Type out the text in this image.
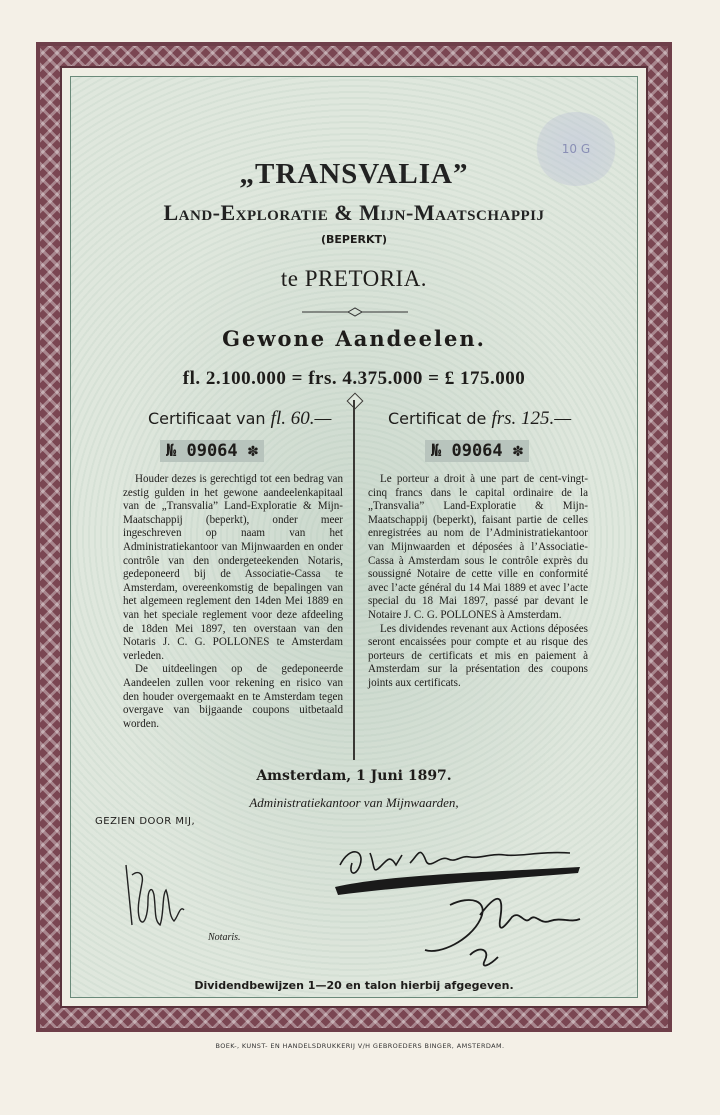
10 G
„TRANSVALIA”
Land-Exploratie & Mijn-Maatschappij
(BEPERKT)
te PRETORIA.
Gewone Aandeelen.
fl. 2.100.000 = frs. 4.375.000 = £ 175.000
Certificaat van fl. 60.—	Certificat de frs. 125.—
№ 09064 ✽	№ 09064 ✽

Houder dezes is gerechtigd tot een bedrag van zestig gulden in het gewone aandeelenkapitaal van de „Transvalia” Land-Exploratie & Mijn-Maatschappij (beperkt), onder meer ingeschreven op naam van het Administratiekantoor van Mijnwaarden en onder contrôle van den ondergeteekenden Notaris, gedeponeerd bij de Associatie-Cassa te Amsterdam, overeenkomstig de bepalingen van het algemeen reglement den 14den Mei 1889 en van het speciale reglement voor deze afdeeling de 18den Mei 1897, ten overstaan van den Notaris J. C. G. POLLONES te Amsterdam verleden.

De uitdeelingen op de gedeponeerde Aandeelen zullen voor rekening en risico van den houder overgemaakt en te Amsterdam tegen overgave van bijgaande coupons uitbetaald worden.

Le porteur a droit à une part de cent-vingt-cinq francs dans le capital ordinaire de la „Transvalia” Land-Exploratie & Mijn-Maatschappij (beperkt), faisant partie de celles enregistrées au nom de l’Administratiekantoor van Mijnwaarden et déposées à l’Associatie-Cassa à Amsterdam sous le contrôle exprès du soussigné Notaire de cette ville en conformité avec l’acte général du 14 Mai 1889 et avec l’acte special du 18 Mai 1897, passé par devant le Notaire J. C. G. POLLONES à Amsterdam.

Les dividendes revenant aux Actions déposées seront encaissées pour compte et au risque des porteurs de certificats et mis en paiement à Amsterdam sur la présentation des coupons joints aux certificats.

Amsterdam, 1 Juni 1897.
Administratiekantoor van Mijnwaarden,
GEZIEN DOOR MIJ,
Notaris.
Dividendbewijzen 1—20 en talon hierbij afgegeven.
BOEK-, KUNST- EN HANDELSDRUKKERIJ V/H GEBROEDERS BINGER, AMSTERDAM.
